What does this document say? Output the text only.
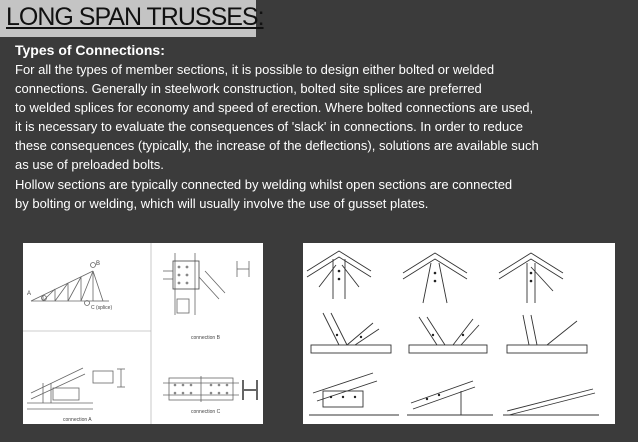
LONG SPAN TRUSSES:
Types of Connections:

For all the types of member sections, it is possible to design either bolted or welded
connections. Generally in steelwork construction, bolted site splices are preferred
to welded splices for economy and speed of erection. Where bolted connections are used,
it is necessary to evaluate the consequences of 'slack' in connections. In order to reduce
these consequences (typically, the increase of the deflections), solutions are available such
as use of preloaded bolts.

Hollow sections are typically connected by welding whilst open sections are connected
by bolting or welding, which will usually involve the use of gusset plates.

A
B
C (splice)
connection A
connection B
connection C
